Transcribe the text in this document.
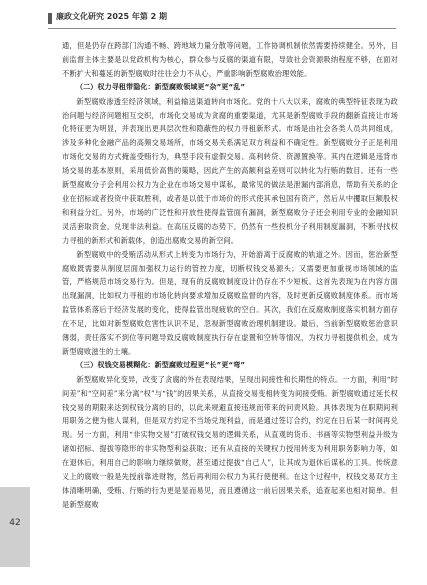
廉政文化研究 2025 年第 2 期

通，但是仍存在跨部门沟通不畅、跨地域力量分散等问题，工作协调机制依然需要持续健全。另外，目前监督主体主要是以党政机构为核心，群众参与反腐的渠道有限，导致社会资源吸纳程度不够，在面对不断扩大和蔓延的新型腐败时往往会力不从心，严重影响新型腐败治理效能。

（二）权力寻租带隐化：新型腐败领域更“杂”更“乱”

新型腐败渗透至经济领域，利益输送渠道转向市场化。党的十八大以来，腐败的典型特征表现为政治问题与经济问题相互交织，市场化交易成为贪腐的重要渠道，尤其是新型腐败手段的翻新直接让市场化特征更为明显，并表现出更具层次性和隐蔽性的权力寻租新形式。市场是由社会各类人员共同组成，涉及多种化金融产品的高频交易场所，市场交易关系满足双方利益和不确定性。新型腐败分子正是利用市场化交易的方式掩盖受贿行为，典型手段有虚假交易、高利转贷、资源置换等。其内在逻辑是违背市场交易的基本原则，采用低价高售的策略，因此产生的高额利益差则可以转化为行贿的数目。还有一些新型腐败分子会利用公权力为企业在市场交易中谋私，最常见的做法是泄漏内部消息，帮助有关系的企业在招标或者投资中获取胜利，或者是以低于市场价的形式使其承包国有资产，然后从中攫取巨额股权和利益分红。另外，市场的广泛性和开放性使得监管面有漏洞，新型腐败分子还会利用专业的金融知识灵活套取资金，兑现非法利益。在高压反腐的态势下，仍然有一些投机分子利用制度漏洞，不断寻找权力寻租的新形式和新载体，创造出腐败交易的新空间。

新型腐败中的受贿活动从形式上转变为市场行为，开始游离于反腐败的轨道之外。因而，惩治新型腐败既需要从制度层面加强权力运行的管控力度，切断权钱交易源头；又需要更加重视市场领域的监管，严格规范市场交易行为。但是，现有的反腐败制度设计仍存在不少短板。这首先表现为在内容方面出现漏洞，比如权力寻租的市场化转向要求增加反腐败监督的内容，及时更新反腐败制度体系。而市场监管体系落后于经济发展的变化，使得监管出现疲软的空白。其次，我们在反腐败制度落实机制方面存在不足，比如对新型腐败危害性认识不足，忽视新型腐败治理机制建设。最后，当前新型腐败惩治意识薄弱，责任落实不到位等问题导致反腐败制度执行存在虚置和空转等情况，为权力寻租提供机会，成为新型腐败滋生的土壤。

（三）权钱交易模糊化：新型腐败过程更“长”更“弯”

新型腐败异化变异，改变了贪腐的外在表现结果，呈现出间接性和长期性的特点。一方面，利用“时间差”和“空间差”来分离“权”与“钱”的因果关系，从直接交易变相转变为间接受贿。新型腐败通过延长权钱交易的期限来达到权钱分离的目的，以此来规避直接违规而带来的问责风险。具体表现为在职期间利用职务之便为他人谋利，但是双方约定不当场兑现利益，而是通过签订合约，约定在日后某一时间再兑现。另一方面，利用“非实物交易”打破权钱交易的逻辑关系，从直观的货币、书画等实物型利益升级为诸如招标、提拔等隐形的非实物型利益获取；还有从直接的关键权力授用转变为利用职务影响力等，如在退休后，利用自己的影响力继续做财，甚至通过提拔“自己人”，让其成为退休后谋私的工具。传统意义上的腐败一般是先授前靠进财物，然后再利用公权力为其行使便利。在这个过程中，权钱交易双方主体清晰明确，受贿、行贿的行为更是显而易见，而且遵循这一前后因果关系，追查起来也相对简单。但是新型腐败

42
